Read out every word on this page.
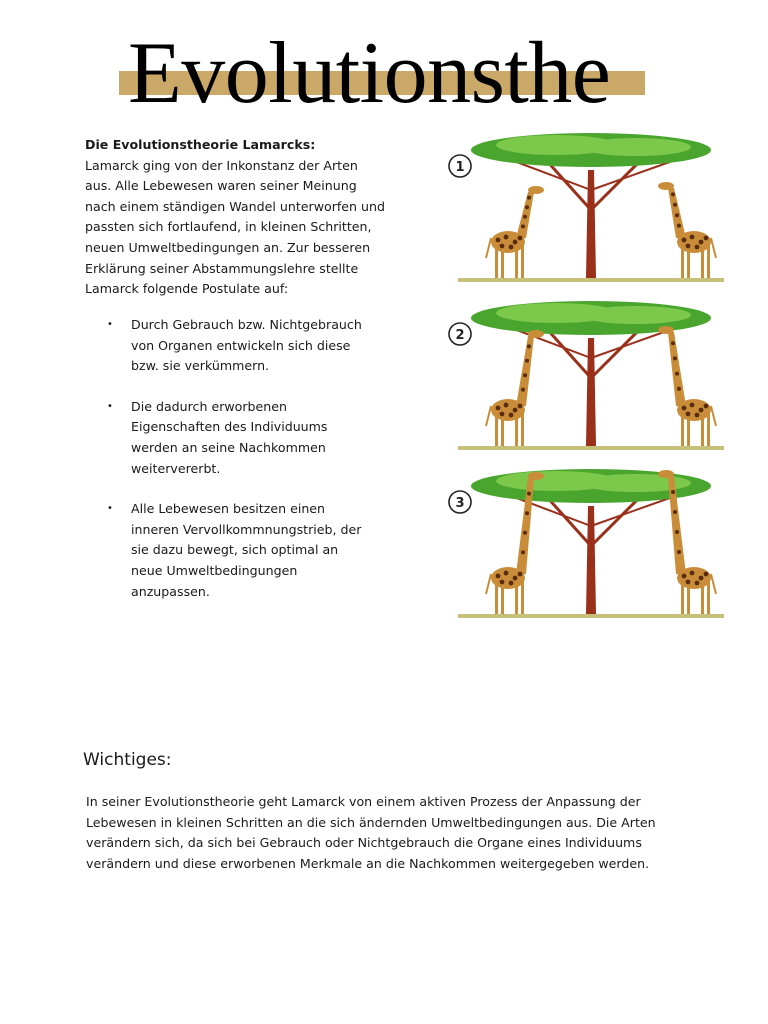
Evolutionsthe
Die Evolutionstheorie Lamarcks:
Lamarck ging von der Inkonstanz der Arten aus. Alle Lebewesen waren seiner Meinung nach einem ständigen Wandel unterworfen und passten sich fortlaufend, in kleinen Schritten, neuen Umweltbedingungen an. Zur besseren Erklärung seiner Abstammungslehre stellte Lamarck folgende Postulate auf:
• Durch Gebrauch bzw. Nichtgebrauch von Organen entwickeln sich diese bzw. sie verkümmern.
• Die dadurch erworbenen Eigenschaften des Individuums werden an seine Nachkommen weitervererbt.
• Alle Lebewesen besitzen einen inneren Vervollkommnungstrieb, der sie dazu bewegt, sich optimal an neue Umweltbedingungen anzupassen.
1
2
3
Wichtiges:
In seiner Evolutionstheorie geht Lamarck von einem aktiven Prozess der Anpassung der Lebewesen in kleinen Schritten an die sich ändernden Umweltbedingungen aus. Die Arten verändern sich, da sich bei Gebrauch oder Nichtgebrauch die Organe eines Individuums verändern und diese erworbenen Merkmale an die Nachkommen weitergegeben werden.
